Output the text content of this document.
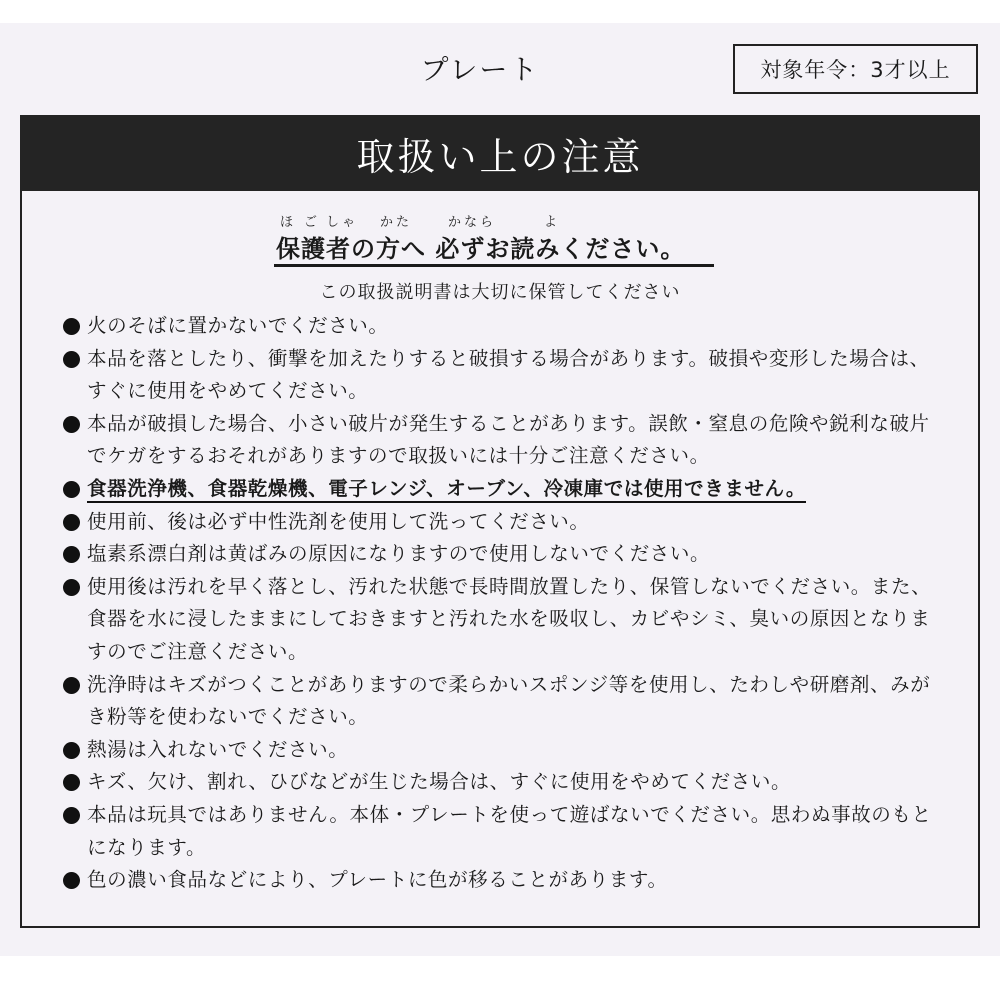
プレート	対象年令：3才以上
取扱い上の注意
ほ ご しゃ かた	かなら	よ
保護者の方へ 必ずお読みください。
この取扱説明書は大切に保管してください
火のそばに置かないでください。
本品を落としたり、衝撃を加えたりすると破損する場合があります。破損や変形した場合は、すぐに使用をやめてください。
本品が破損した場合、小さい破片が発生することがあります。誤飲・窒息の危険や鋭利な破片でケガをするおそれがありますので取扱いには十分ご注意ください。
食器洗浄機、食器乾燥機、電子レンジ、オーブン、冷凍庫では使用できません。
使用前、後は必ず中性洗剤を使用して洗ってください。
塩素系漂白剤は黄ばみの原因になりますので使用しないでください。
使用後は汚れを早く落とし、汚れた状態で長時間放置したり、保管しないでください。また、食器を水に浸したままにしておきますと汚れた水を吸収し、カビやシミ、臭いの原因となりますのでご注意ください。
洗浄時はキズがつくことがありますので柔らかいスポンジ等を使用し、たわしや研磨剤、みがき粉等を使わないでください。
熱湯は入れないでください。
キズ、欠け、割れ、ひびなどが生じた場合は、すぐに使用をやめてください。
本品は玩具ではありません。本体・プレートを使って遊ばないでください。思わぬ事故のもとになります。
色の濃い食品などにより、プレートに色が移ることがあります。
